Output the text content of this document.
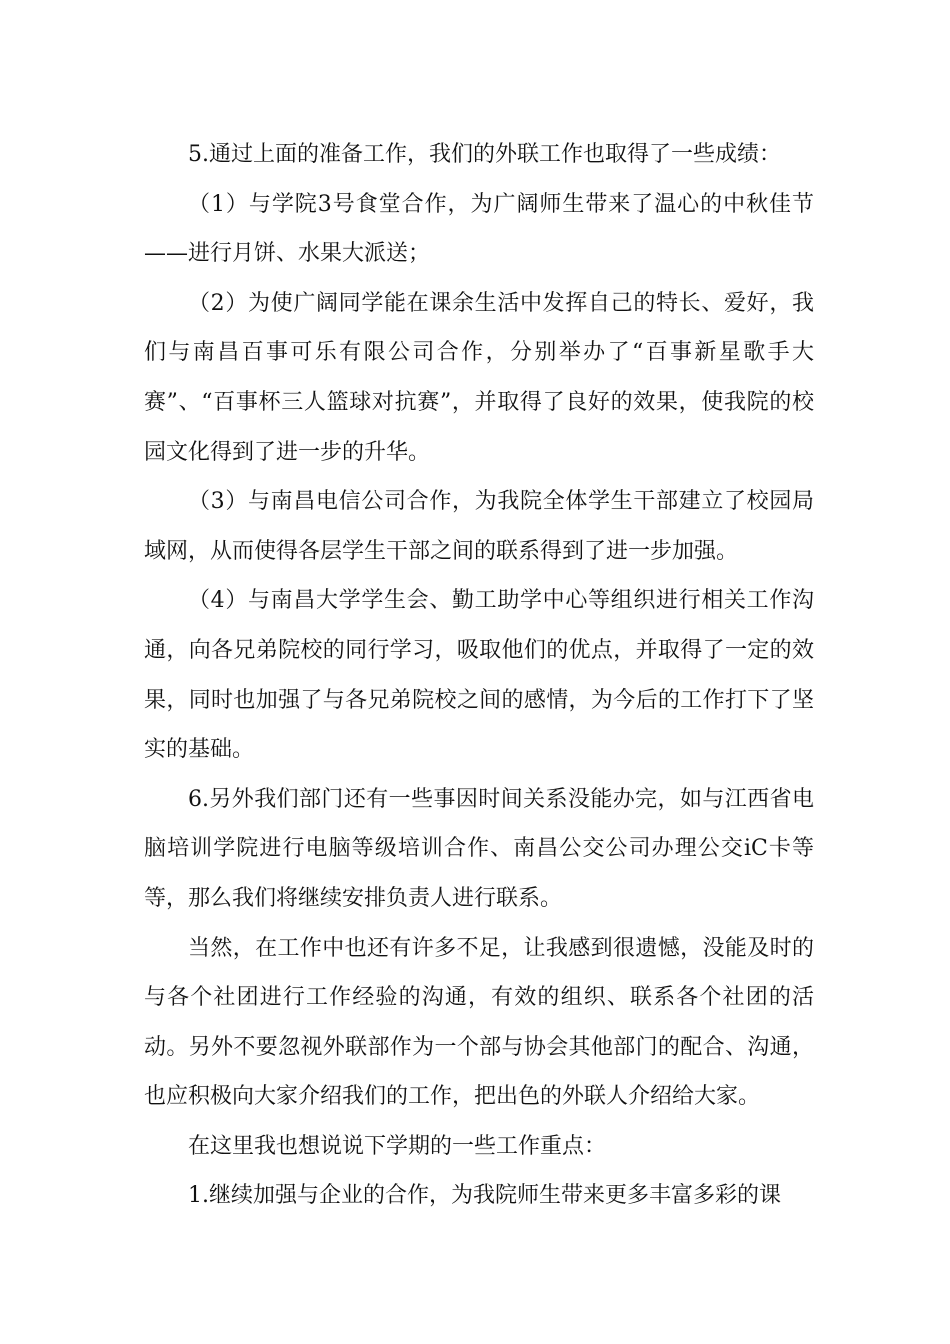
5.通过上面的准备工作，我们的外联工作也取得了一些成绩：

（1）与学院3号食堂合作，为广阔师生带来了温心的中秋佳节——进行月饼、水果大派送；

（2）为使广阔同学能在课余生活中发挥自己的特长、爱好，我们与南昌百事可乐有限公司合作，分别举办了“百事新星歌手大赛”、“百事杯三人篮球对抗赛”，并取得了良好的效果，使我院的校园文化得到了进一步的升华。

（3）与南昌电信公司合作，为我院全体学生干部建立了校园局域网，从而使得各层学生干部之间的联系得到了进一步加强。

（4）与南昌大学学生会、勤工助学中心等组织进行相关工作沟通，向各兄弟院校的同行学习，吸取他们的优点，并取得了一定的效果，同时也加强了与各兄弟院校之间的感情，为今后的工作打下了坚实的基础。

6.另外我们部门还有一些事因时间关系没能办完，如与江西省电脑培训学院进行电脑等级培训合作、南昌公交公司办理公交iC卡等等，那么我们将继续安排负责人进行联系。

当然，在工作中也还有许多不足，让我感到很遗憾，没能及时的与各个社团进行工作经验的沟通，有效的组织、联系各个社团的活动。另外不要忽视外联部作为一个部与协会其他部门的配合、沟通，也应积极向大家介绍我们的工作，把出色的外联人介绍给大家。

在这里我也想说说下学期的一些工作重点：

1.继续加强与企业的合作，为我院师生带来更多丰富多彩的课
